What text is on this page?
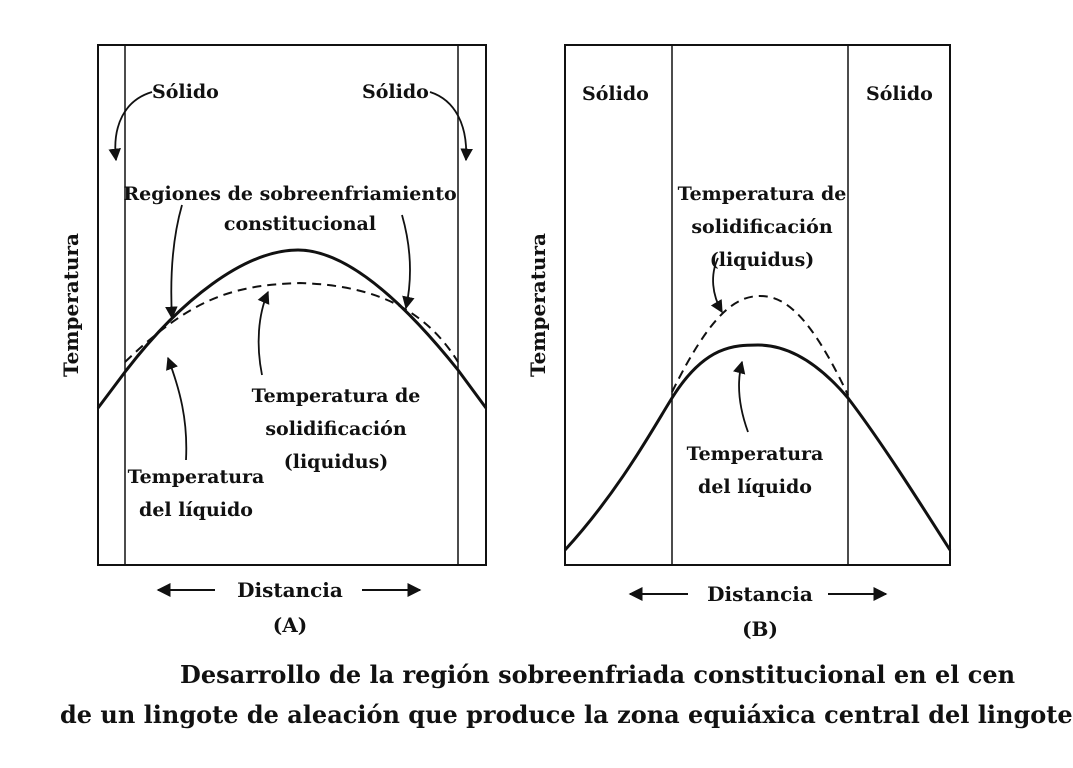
Sólido	Sólido
Regiones de sobreenfriamiento
constitucional
Temperatura de
solidificación
(liquidus)
Temperatura
del líquido
Temperatura
Distancia
(A)
Sólido	Sólido
Temperatura de
solidificación
(liquidus)
Temperatura
del líquido
Temperatura
Distancia
(B)
Desarrollo de la región sobreenfriada constitucional en el cen
de un lingote de aleación que produce la zona equiáxica central del lingote
